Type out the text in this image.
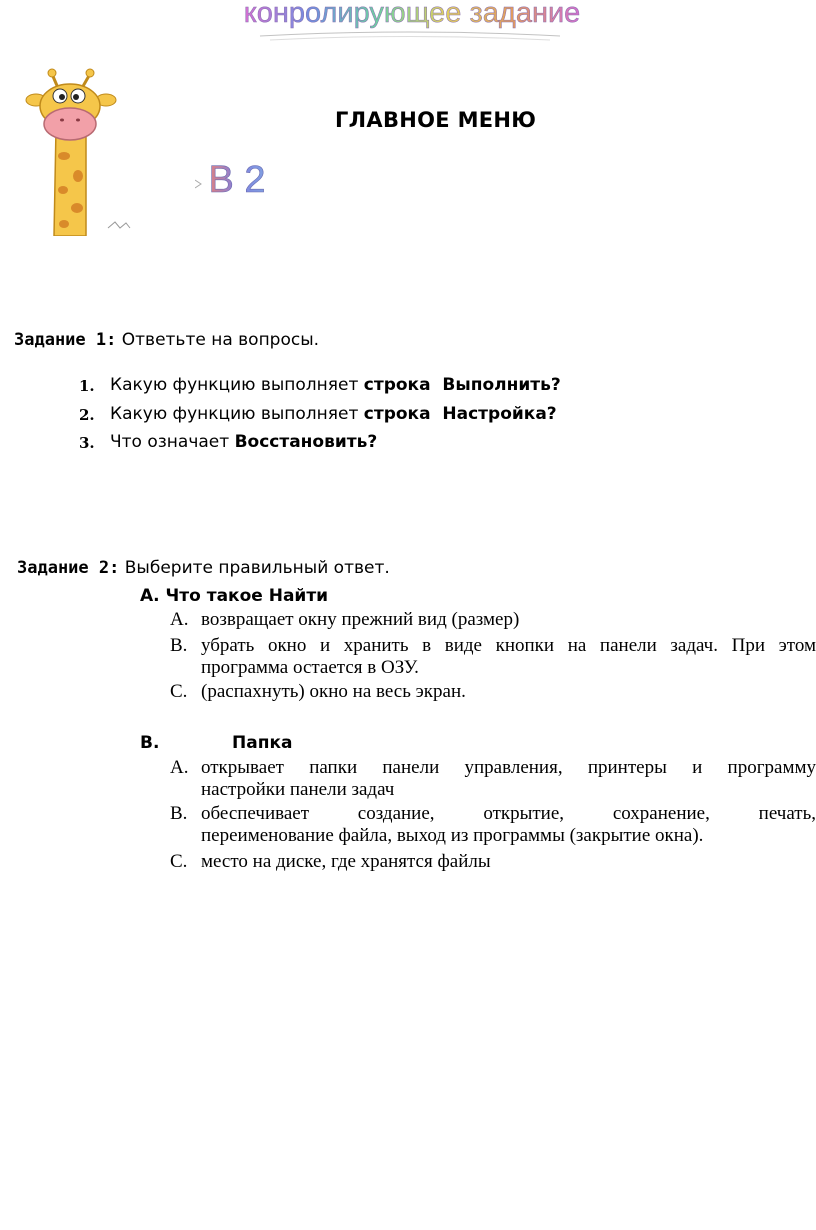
конролирующее задание
ГЛАВНОЕ МЕНЮ
В 2
Задание 1: Ответьте на вопросы.
1. Какую функцию выполняет строка  Выполнить?
2. Какую функцию выполняет строка  Настройка?
3. Что означает Восстановить?
Задание 2: Выберите правильный ответ.
А. Что такое Найти
A. возвращает окну прежний вид (размер)
B. убрать окно и хранить в виде кнопки на панели задач. При этом
программа остается в ОЗУ.
C. (распахнуть) окно на весь экран.
В.	Папка
A. открывает папки панели управления, принтеры и программу
настройки панели задач
B. обеспечивает создание, открытие, сохранение, печать,
переименование файла, выход из программы (закрытие окна).
C. место на диске, где хранятся файлы
